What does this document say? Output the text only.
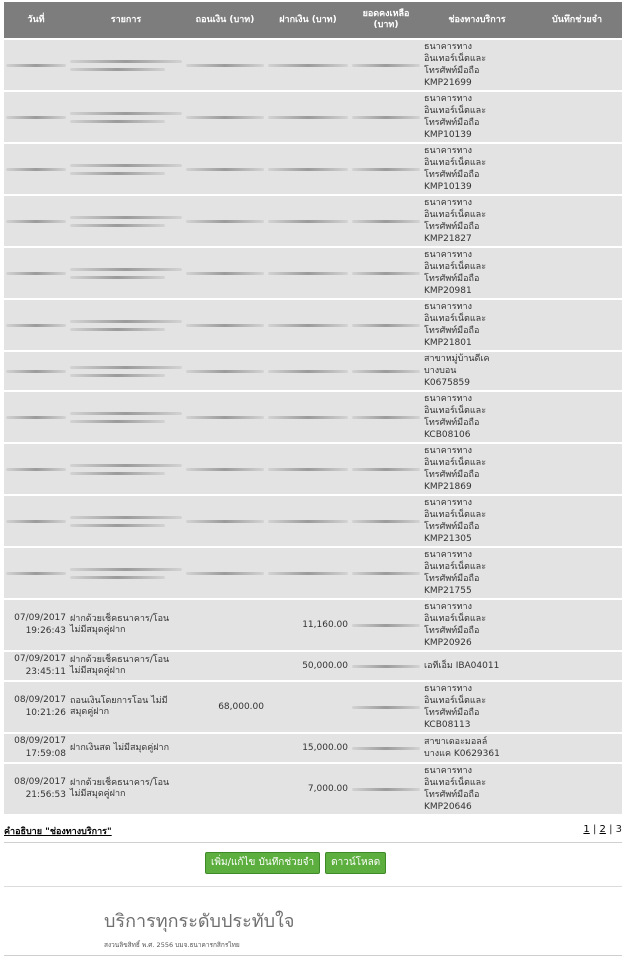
วันที่	รายการ	ถอนเงิน (บาท)	ฝากเงิน (บาท)	ยอดคงเหลือ (บาท)	ช่องทางบริการ	บันทึกช่วยจำ

					ธนาคารทาง
อินเทอร์เน็ตและ
โทรศัพท์มือถือ
KMP21699	

					ธนาคารทาง
อินเทอร์เน็ตและ
โทรศัพท์มือถือ
KMP10139	

					ธนาคารทาง
อินเทอร์เน็ตและ
โทรศัพท์มือถือ
KMP10139	

					ธนาคารทาง
อินเทอร์เน็ตและ
โทรศัพท์มือถือ
KMP21827	

					ธนาคารทาง
อินเทอร์เน็ตและ
โทรศัพท์มือถือ
KMP20981	

					ธนาคารทาง
อินเทอร์เน็ตและ
โทรศัพท์มือถือ
KMP21801	

					สาขาหมู่บ้านดีเค
บางบอน
K0675859	

					ธนาคารทาง
อินเทอร์เน็ตและ
โทรศัพท์มือถือ
KCB08106	

					ธนาคารทาง
อินเทอร์เน็ตและ
โทรศัพท์มือถือ
KMP21869	

					ธนาคารทาง
อินเทอร์เน็ตและ
โทรศัพท์มือถือ
KMP21305	

					ธนาคารทาง
อินเทอร์เน็ตและ
โทรศัพท์มือถือ
KMP21755	

07/09/2017
19:26:43	ฝากด้วยเช็คธนาคาร/โอน ไม่มีสมุดคู่ฝาก		11,160.00		ธนาคารทาง
อินเทอร์เน็ตและ
โทรศัพท์มือถือ
KMP20926	

07/09/2017
23:45:11	ฝากด้วยเช็คธนาคาร/โอน ไม่มีสมุดคู่ฝาก		50,000.00		เอทีเอ็ม IBA04011	

08/09/2017
10:21:26	ถอนเงินโดยการโอน ไม่มีสมุดคู่ฝาก	68,000.00			ธนาคารทาง
อินเทอร์เน็ตและ
โทรศัพท์มือถือ
KCB08113	

08/09/2017
17:59:08	ฝากเงินสด ไม่มีสมุดคู่ฝาก		15,000.00		สาขาเดอะมอลล์
บางแค K0629361	

08/09/2017
21:56:53	ฝากด้วยเช็คธนาคาร/โอน ไม่มีสมุดคู่ฝาก		7,000.00		ธนาคารทาง
อินเทอร์เน็ตและ
โทรศัพท์มือถือ
KMP20646	

คำอธิบาย "ช่องทางบริการ"	1 | 2 | 3
เพิ่ม/แก้ไข บันทึกช่วยจำ	ดาวน์โหลด
บริการทุกระดับประทับใจ
สงวนลิขสิทธิ์ พ.ศ. 2556 บมจ.ธนาคารกสิกรไทย
